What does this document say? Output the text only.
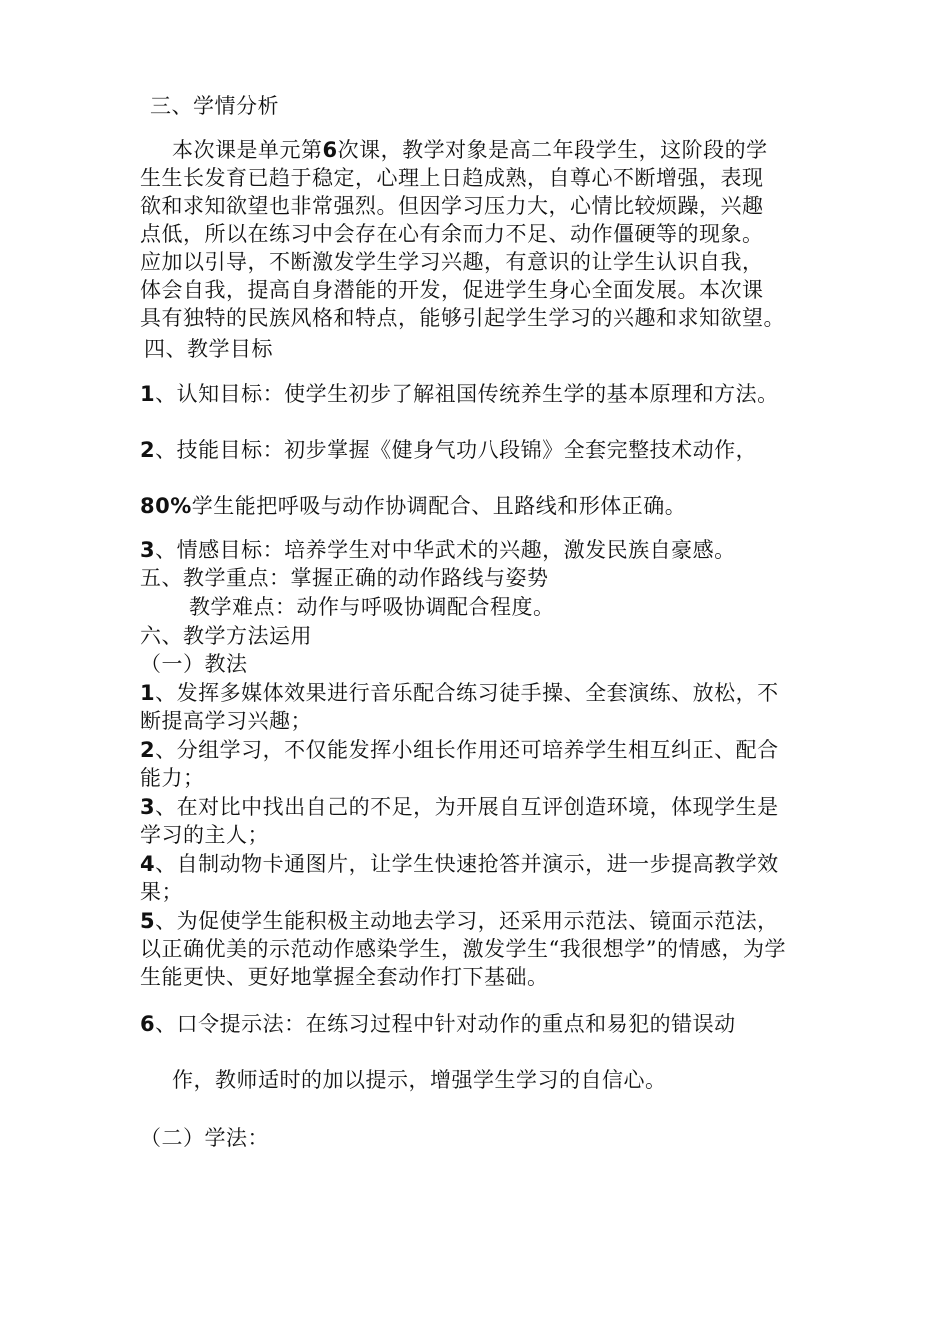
三、学情分析
本次课是单元第6次课，教学对象是高二年段学生，这阶段的学
生生长发育已趋于稳定，心理上日趋成熟，自尊心不断增强，表现
欲和求知欲望也非常强烈。但因学习压力大，心情比较烦躁，兴趣
点低，所以在练习中会存在心有余而力不足、动作僵硬等的现象。
应加以引导，不断激发学生学习兴趣，有意识的让学生认识自我，
体会自我，提高自身潜能的开发，促进学生身心全面发展。本次课
具有独特的民族风格和特点，能够引起学生学习的兴趣和求知欲望。
四、教学目标
1、认知目标：使学生初步了解祖国传统养生学的基本原理和方法。
2、技能目标：初步掌握《健身气功八段锦》全套完整技术动作，
80%学生能把呼吸与动作协调配合、且路线和形体正确。
3、情感目标：培养学生对中华武术的兴趣，激发民族自豪感。
五、教学重点：掌握正确的动作路线与姿势
教学难点：动作与呼吸协调配合程度。
六、教学方法运用
（一）教法
1、发挥多媒体效果进行音乐配合练习徒手操、全套演练、放松，不
断提高学习兴趣；
2、分组学习，不仅能发挥小组长作用还可培养学生相互纠正、配合
能力；
3、在对比中找出自己的不足，为开展自互评创造环境，体现学生是
学习的主人；
4、自制动物卡通图片，让学生快速抢答并演示，进一步提高教学效
果；
5、为促使学生能积极主动地去学习，还采用示范法、镜面示范法，
以正确优美的示范动作感染学生，激发学生“我很想学”的情感，为学
生能更快、更好地掌握全套动作打下基础。
6、口令提示法：在练习过程中针对动作的重点和易犯的错误动
作，教师适时的加以提示，增强学生学习的自信心。
（二）学法：
